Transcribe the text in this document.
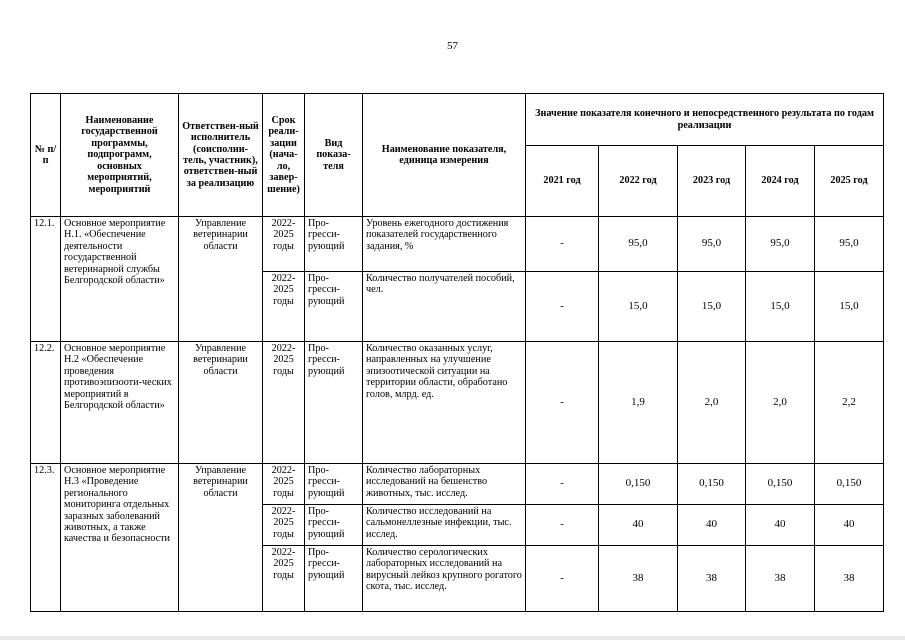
57
№ п/п	Наименование государственной программы, подпрограмм, основных мероприятий, мероприятий	Ответствен-ный исполнитель (соисполни-тель, участник), ответствен-ный за реализацию	Срок реали-зации (нача-ло, завер-шение)	Вид показа-теля	Наименование показателя, единица измерения	Значение показателя конечного и непосредственного результата по годам реализации				
						2021 год	2022 год	2023 год	2024 год	2025 год
12.1.	Основное мероприятие Н.1. «Обеспечение деятельности государственной ветеринарной службы Белгородской области»	Управление ветеринарии области	2022-2025 годы	Про-гресси-рующий	Уровень ежегодного достижения показателей государственного задания, %	-	95,0	95,0	95,0	95,0
			2022-2025 годы	Про-гресси-рующий	Количество получателей пособий, чел.	-	15,0	15,0	15,0	15,0
12.2.	Основное мероприятие Н.2 «Обеспечение проведения противоэпизооти-ческих мероприятий в Белгородской области»	Управление ветеринарии области	2022-2025 годы	Про-гресси-рующий	Количество оказанных услуг, направленных на улучшение эпизоотической ситуации на территории области, обработано голов, млрд. ед.	-	1,9	2,0	2,0	2,2
12.3.	Основное мероприятие Н.3 «Проведение регионального мониторинга отдельных заразных заболеваний животных, а также качества и безопасности	Управление ветеринарии области	2022-2025 годы	Про-гресси-рующий	Количество лабораторных исследований на бешенство животных, тыс. исслед.	-	0,150	0,150	0,150	0,150
			2022-2025 годы	Про-гресси-рующий	Количество исследований на сальмонеллезные инфекции, тыс. исслед.	-	40	40	40	40
			2022-2025 годы	Про-гресси-рующий	Количество серологических лабораторных исследований на вирусный лейкоз крупного рогатого скота, тыс. исслед.	-	38	38	38	38
